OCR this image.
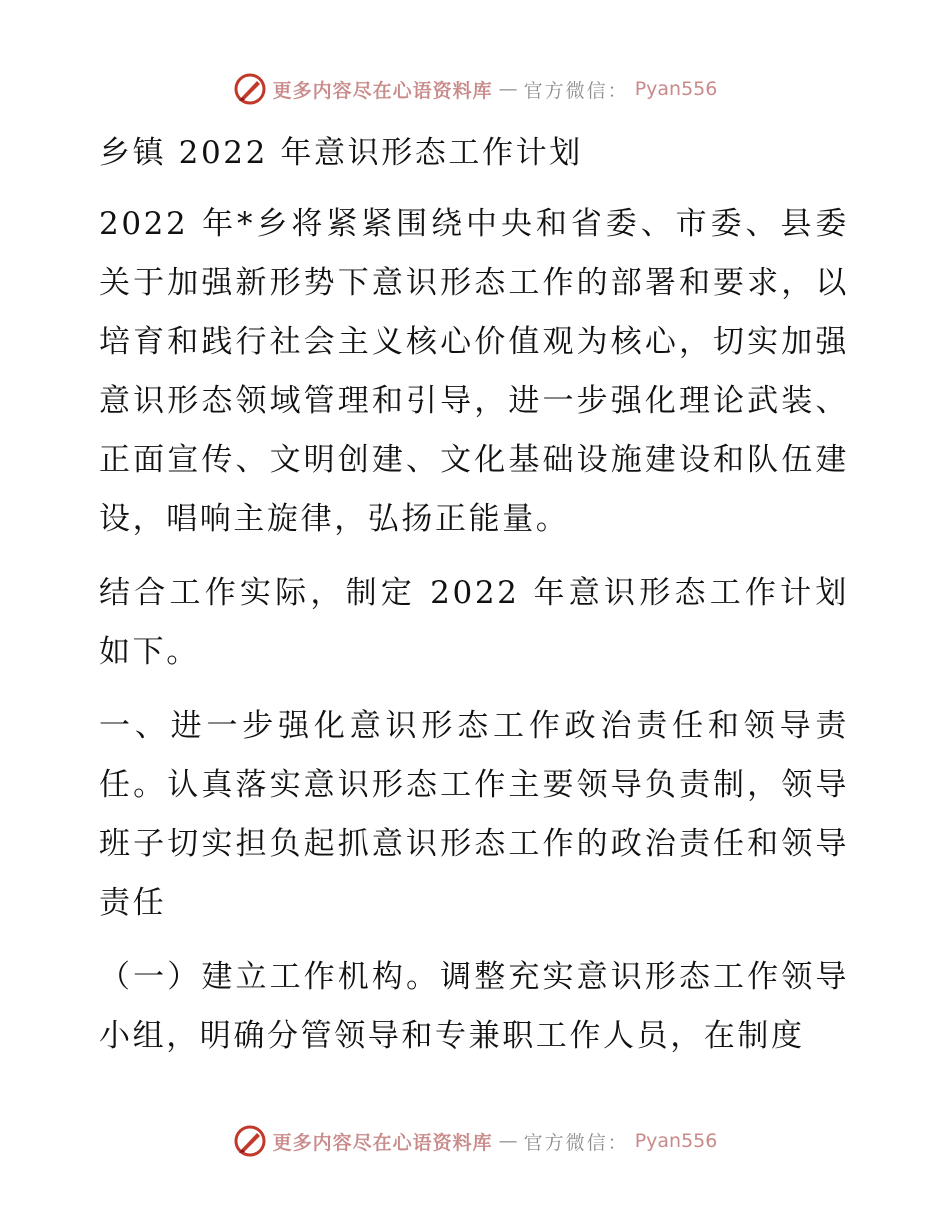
更多内容尽在心语资料库 — 官方微信： Pyan556

乡镇 2022 年意识形态工作计划

2022 年*乡将紧紧围绕中央和省委、市委、县委关于加强新形势下意识形态工作的部署和要求，以培育和践行社会主义核心价值观为核心，切实加强意识形态领域管理和引导，进一步强化理论武装、正面宣传、文明创建、文化基础设施建设和队伍建设，唱响主旋律，弘扬正能量。

结合工作实际，制定 2022 年意识形态工作计划如下。

一、进一步强化意识形态工作政治责任和领导责任。认真落实意识形态工作主要领导负责制，领导班子切实担负起抓意识形态工作的政治责任和领导责任

（一）建立工作机构。调整充实意识形态工作领导小组，明确分管领导和专兼职工作人员，在制度

更多内容尽在心语资料库 — 官方微信： Pyan556
